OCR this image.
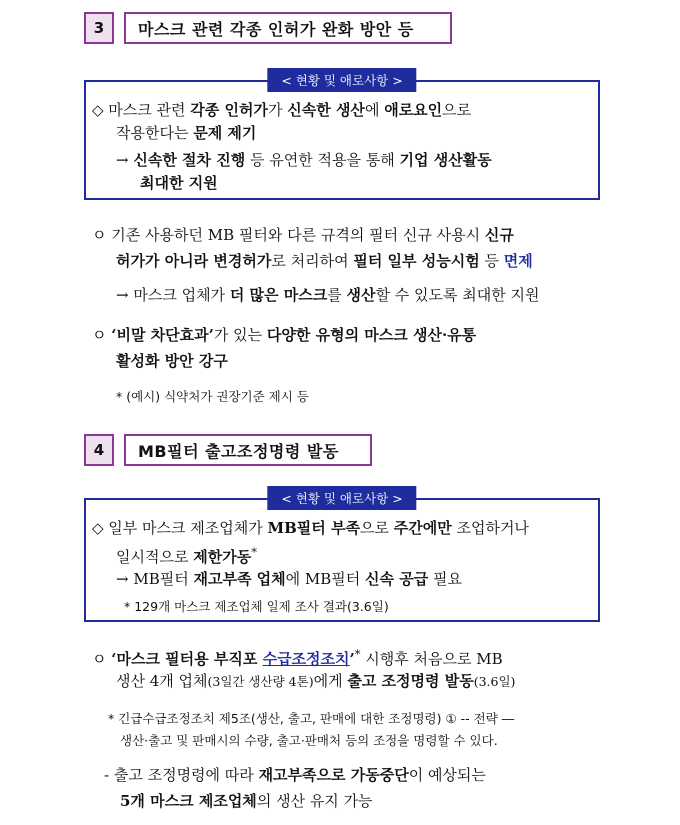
3	마스크 관련 각종 인허가 완화 방안 등
< 현황 및 애로사항 >
◇ 마스크 관련 각종 인허가가 신속한 생산에 애로요인으로
작용한다는 문제 제기
→ 신속한 절차 진행 등 유연한 적용을 통해 기업 생산활동
최대한 지원
ㅇ 기존 사용하던 MB 필터와 다른 규격의 필터 신규 사용시 신규
허가가 아니라 변경허가로 처리하여 필터 일부 성능시험 등 면제
→ 마스크 업체가 더 많은 마스크를 생산할 수 있도록 최대한 지원
ㅇ ‘비말 차단효과’가 있는 다양한 유형의 마스크 생산·유통
활성화 방안 강구
* (예시) 식약처가 권장기준 제시 등
4	MB필터 출고조정명령 발동
< 현황 및 애로사항 >
◇ 일부 마스크 제조업체가 MB필터 부족으로 주간에만 조업하거나
일시적으로 제한가동*
→ MB필터 재고부족 업체에 MB필터 신속 공급 필요
* 129개 마스크 제조업체 일제 조사 결과(3.6일)
ㅇ ‘마스크 필터용 부직포 수급조정조치’* 시행후 처음으로 MB
생산 4개 업체(3일간 생산량 4톤)에게 출고 조정명령 발동(3.6일)
* 긴급수급조정조치 제5조(생산, 출고, 판매에 대한 조정명령) ① -- 전략 ―
생산·출고 및 판매시의 수량, 출고·판매처 등의 조정을 명령할 수 있다.
- 출고 조정명령에 따라 재고부족으로 가동중단이 예상되는
5개 마스크 제조업체의 생산 유지 가능
